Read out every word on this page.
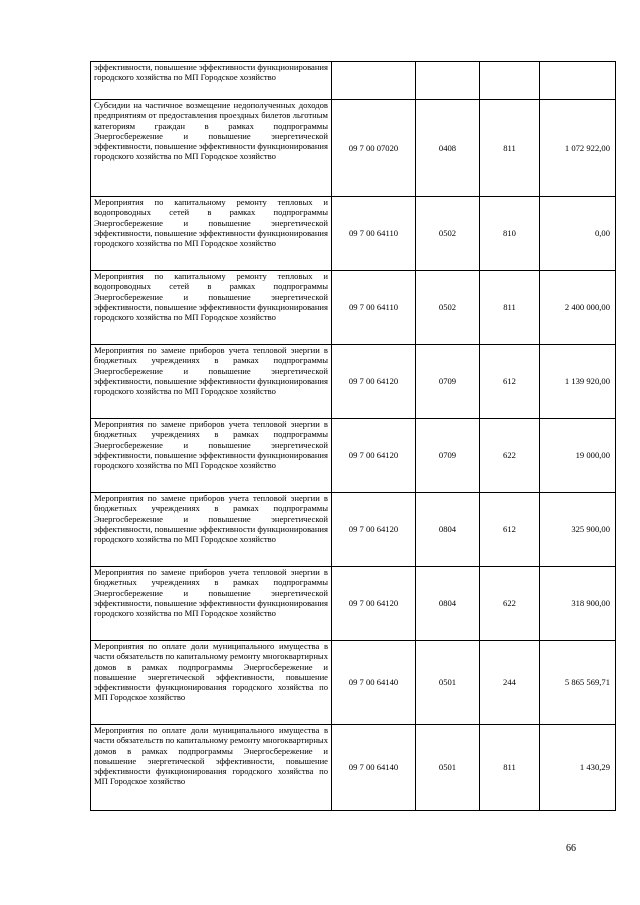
эффективности, повышение эффективности функционирования городского хозяйства по МП Городское хозяйство				
Субсидии на частичное возмещение недополученных доходов предприятиям от предоставления проездных билетов льготным категориям граждан в рамках подпрограммы Энергосбережение и повышение энергетической эффективности, повышение эффективности функционирования городского хозяйства по МП Городское хозяйство	09 7 00 07020	0408	811	1 072 922,00
Мероприятия по капитальному ремонту тепловых и водопроводных сетей в рамках подпрограммы Энергосбережение и повышение энергетической эффективности, повышение эффективности функционирования городского хозяйства по МП Городское хозяйство	09 7 00 64110	0502	810	0,00
Мероприятия по капитальному ремонту тепловых и водопроводных сетей в рамках подпрограммы Энергосбережение и повышение энергетической эффективности, повышение эффективности функционирования городского хозяйства по МП Городское хозяйство	09 7 00 64110	0502	811	2 400 000,00
Мероприятия по замене приборов учета тепловой энергии в бюджетных учреждениях в рамках подпрограммы Энергосбережение и повышение энергетической эффективности, повышение эффективности функционирования городского хозяйства по МП Городское хозяйство	09 7 00 64120	0709	612	1 139 920,00
Мероприятия по замене приборов учета тепловой энергии в бюджетных учреждениях в рамках подпрограммы Энергосбережение и повышение энергетической эффективности, повышение эффективности функционирования городского хозяйства по МП Городское хозяйство	09 7 00 64120	0709	622	19 000,00
Мероприятия по замене приборов учета тепловой энергии в бюджетных учреждениях в рамках подпрограммы Энергосбережение и повышение энергетической эффективности, повышение эффективности функционирования городского хозяйства по МП Городское хозяйство	09 7 00 64120	0804	612	325 900,00
Мероприятия по замене приборов учета тепловой энергии в бюджетных учреждениях в рамках подпрограммы Энергосбережение и повышение энергетической эффективности, повышение эффективности функционирования городского хозяйства по МП Городское хозяйство	09 7 00 64120	0804	622	318 900,00
Мероприятия по оплате доли муниципального имущества в части обязательств по капитальному ремонту многоквартирных домов в рамках подпрограммы Энергосбережение и повышение энергетической эффективности, повышение эффективности функционирования городского хозяйства по МП Городское хозяйство	09 7 00 64140	0501	244	5 865 569,71
Мероприятия по оплате доли муниципального имущества в части обязательств по капитальному ремонту многоквартирных домов в рамках подпрограммы Энергосбережение и повышение энергетической эффективности, повышение эффективности функционирования городского хозяйства по МП Городское хозяйство	09 7 00 64140	0501	811	1 430,29
66
